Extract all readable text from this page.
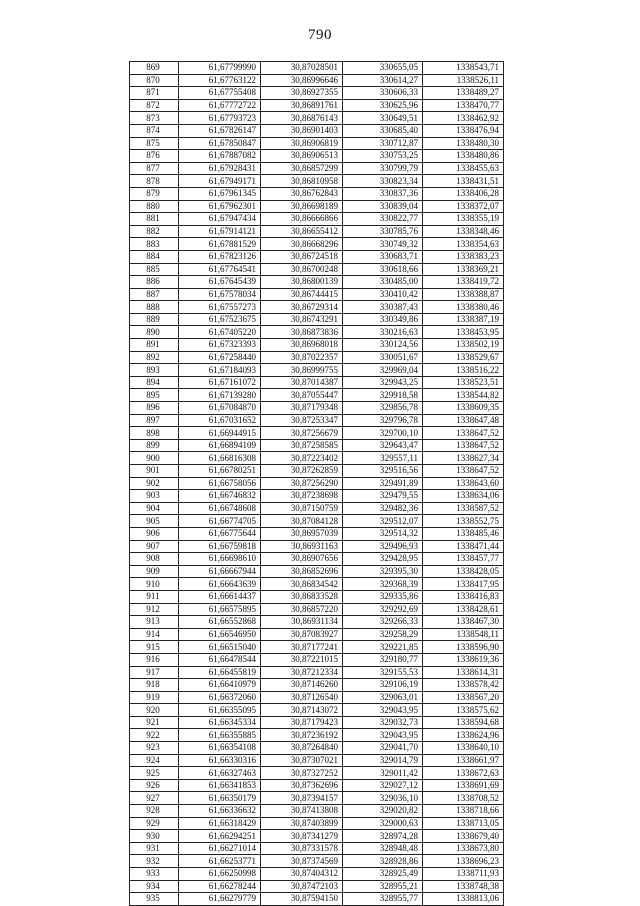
790
869	61,67799990	30,87028501	330655,05	1338543,71
870	61,67763122	30,86996646	330614,27	1338526,11
871	61,67755408	30,86927355	330606,33	1338489,27
872	61,67772722	30,86891761	330625,96	1338470,77
873	61,67793723	30,86876143	330649,51	1338462,92
874	61,67826147	30,86901403	330685,40	1338476,94
875	61,67850847	30,86906819	330712,87	1338480,30
876	61,67887082	30,86906513	330753,25	1338480,86
877	61,67928431	30,86857299	330799,79	1338455,63
878	61,67949171	30,86810958	330823,34	1338431,51
879	61,67961345	30,86762843	330837,36	1338406,28
880	61,67962301	30,86698189	330839,04	1338372,07
881	61,67947434	30,86666866	330822,77	1338355,19
882	61,67914121	30,86655412	330785,76	1338348,46
883	61,67881529	30,86668296	330749,32	1338354,63
884	61,67823126	30,86724518	330683,71	1338383,23
885	61,67764541	30,86700248	330618,66	1338369,21
886	61,67645439	30,86800139	330485,00	1338419,72
887	61,67578034	30,86744415	330410,42	1338388,87
888	61,67557273	30,86729314	330387,43	1338380,46
889	61,67523675	30,86743291	330349,86	1338387,19
890	61,67405220	30,86873836	330216,63	1338453,95
891	61,67323393	30,86968018	330124,56	1338502,19
892	61,67258440	30,87022357	330051,67	1338529,67
893	61,67184093	30,86999755	329969,04	1338516,22
894	61,67161072	30,87014387	329943,25	1338523,51
895	61,67139280	30,87055447	329918,58	1338544,82
896	61,67084870	30,87179348	329856,78	1338609,35
897	61,67031652	30,87253347	329796,78	1338647,48
898	61,66944915	30,87256679	329700,10	1338647,52
899	61,66894109	30,87258585	329643,47	1338647,52
900	61,66816308	30,87223402	329557,11	1338627,34
901	61,66780251	30,87262859	329516,56	1338647,52
902	61,66758056	30,87256290	329491,89	1338643,60
903	61,66746832	30,87238698	329479,55	1338634,06
904	61,66748608	30,87150759	329482,36	1338587,52
905	61,66774705	30,87084128	329512,07	1338552,75
906	61,66775644	30,86957039	329514,32	1338485,46
907	61,66759818	30,86931163	329496,93	1338471,44
908	61,66698610	30,86907656	329428,95	1338457,77
909	61,66667944	30,86852696	329395,30	1338428,05
910	61,66643639	30,86834542	329368,39	1338417,95
911	61,66614437	30,86833528	329335,86	1338416,83
912	61,66575895	30,86857220	329292,69	1338428,61
913	61,66552868	30,86931134	329266,33	1338467,30
914	61,66546950	30,87083927	329258,29	1338548,11
915	61,66515040	30,87177241	329221,85	1338596,90
916	61,66478544	30,87221015	329180,77	1338619,36
917	61,66455819	30,87212334	329155,53	1338614,31
918	61,66410979	30,87146260	329106,19	1338578,42
919	61,66372060	30,87126540	329063,01	1338567,20
920	61,66355095	30,87143072	329043,95	1338575,62
921	61,66345334	30,87179423	329032,73	1338594,68
922	61,66355885	30,87236192	329043,95	1338624,96
923	61,66354108	30,87264840	329041,70	1338640,10
924	61,66330316	30,87307021	329014,79	1338661,97
925	61,66327463	30,87327252	329011,42	1338672,63
926	61,66341853	30,87362696	329027,12	1338691,69
927	61,66350179	30,87394157	329036,10	1338708,52
928	61,66336632	30,87413808	329020,82	1338718,66
929	61,66318429	30,87403899	329000,63	1338713,05
930	61,66294251	30,87341279	328974,28	1338679,40
931	61,66271014	30,87331578	328948,48	1338673,80
932	61,66253771	30,87374569	328928,86	1338696,23
933	61,66250998	30,87404312	328925,49	1338711,93
934	61,66278244	30,87472103	328955,21	1338748,38
935	61,66279779	30,87594150	328955,77	1338813,06
